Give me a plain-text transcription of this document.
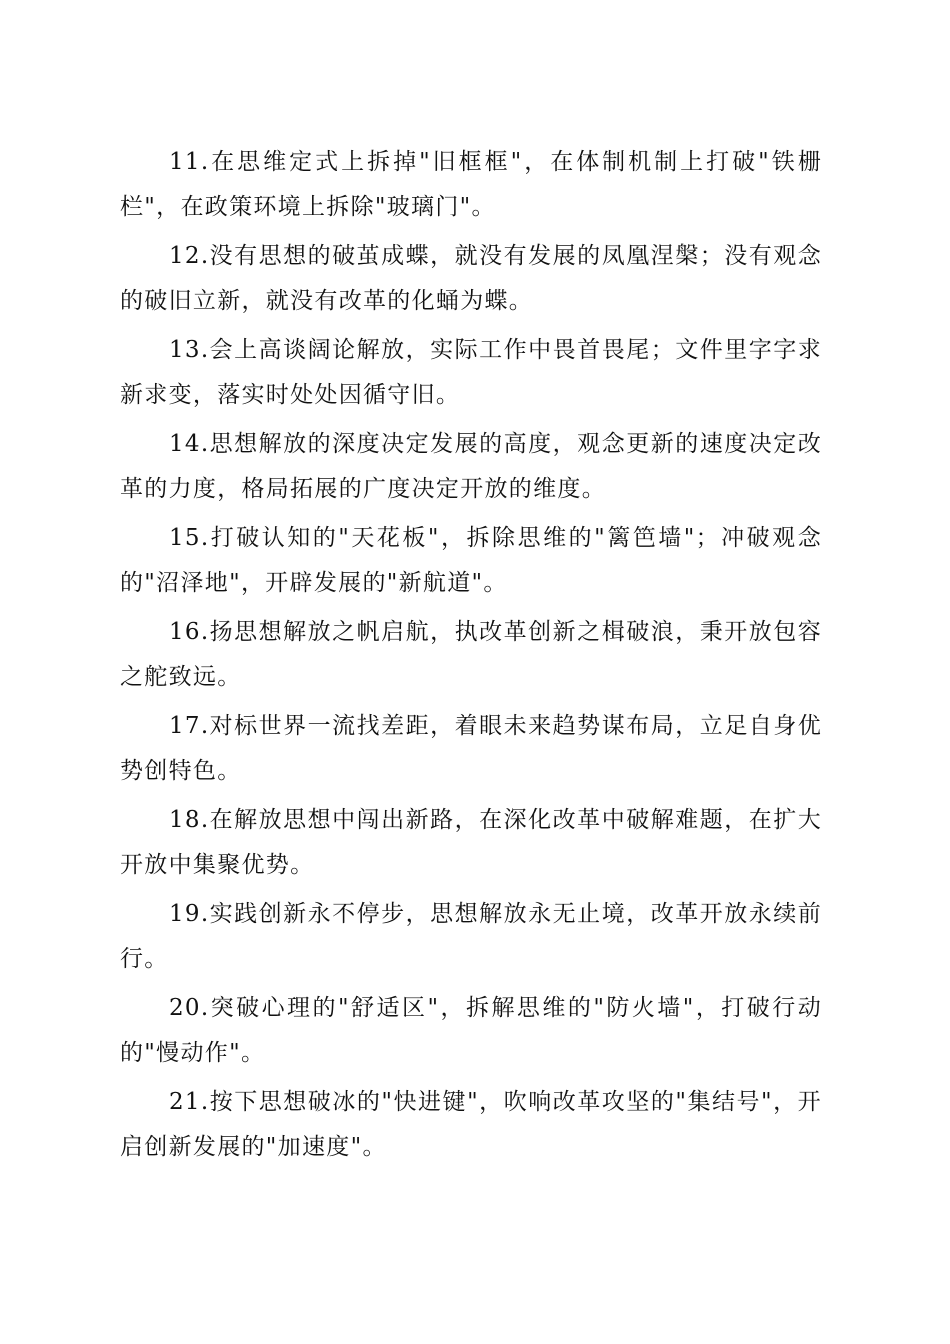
11.在思维定式上拆掉"旧框框"，在体制机制上打破"铁栅栏"，在政策环境上拆除"玻璃门"。

12.没有思想的破茧成蝶，就没有发展的凤凰涅槃；没有观念的破旧立新，就没有改革的化蛹为蝶。

13.会上高谈阔论解放，实际工作中畏首畏尾；文件里字字求新求变，落实时处处因循守旧。

14.思想解放的深度决定发展的高度，观念更新的速度决定改革的力度，格局拓展的广度决定开放的维度。

15.打破认知的"天花板"，拆除思维的"篱笆墙"；冲破观念的"沼泽地"，开辟发展的"新航道"。

16.扬思想解放之帆启航，执改革创新之楫破浪，秉开放包容之舵致远。

17.对标世界一流找差距，着眼未来趋势谋布局，立足自身优势创特色。

18.在解放思想中闯出新路，在深化改革中破解难题，在扩大开放中集聚优势。

19.实践创新永不停步，思想解放永无止境，改革开放永续前行。

20.突破心理的"舒适区"，拆解思维的"防火墙"，打破行动的"慢动作"。

21.按下思想破冰的"快进键"，吹响改革攻坚的"集结号"，开启创新发展的"加速度"。
